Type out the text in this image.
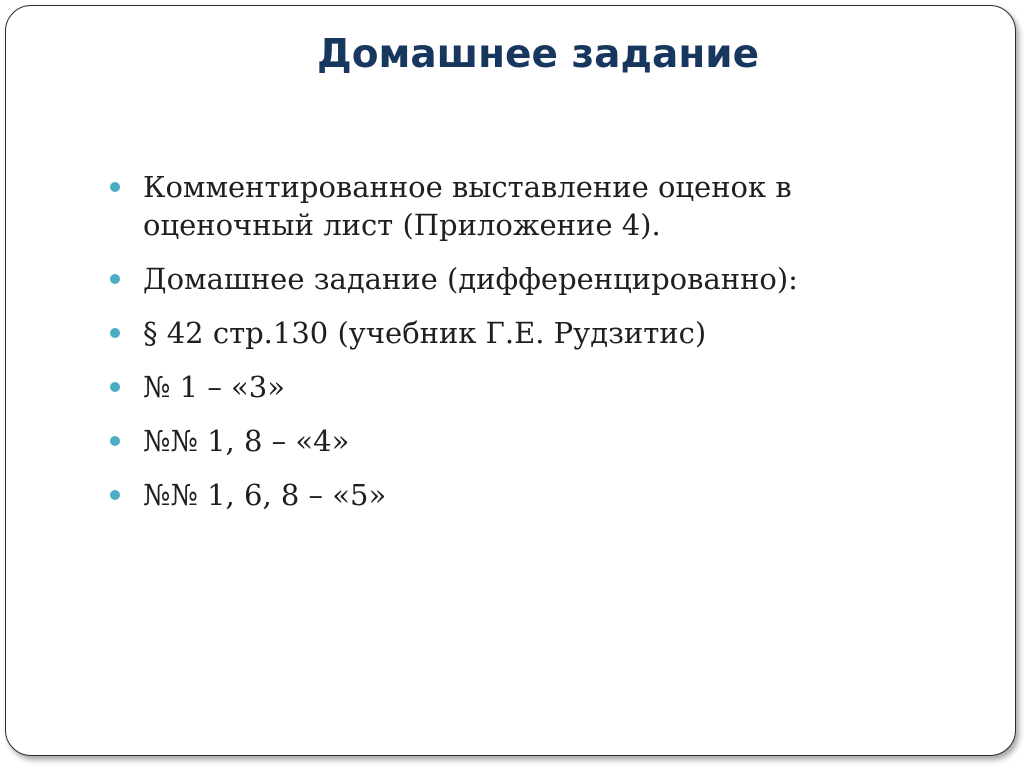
Домашнее задание
Комментированное выставление оценок в оценочный лист (Приложение 4).
Домашнее задание (дифференцированно):
§ 42 стр.130 (учебник Г.Е. Рудзитис)
№ 1 – «3»
№№ 1, 8 – «4»
№№ 1, 6, 8 – «5»
